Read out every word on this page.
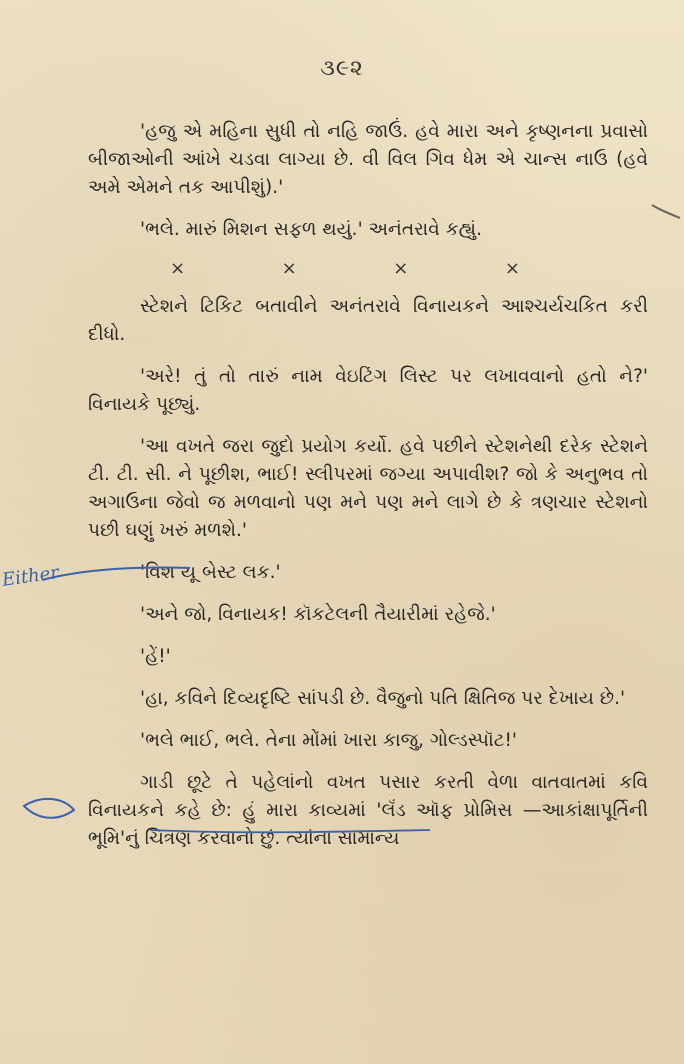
૩૯૨

'હજુ એ મહિના સુધી તો નહિ જાઉં. હવે મારા અને કૃષ્ણનના પ્રવાસો બીજાઓની આંખે ચડવા લાગ્યા છે. વી વિલ ગિવ ધેમ એ ચાન્સ નાઉ (હવે અમે એમને તક આપીશું).'

'ભલે. મારું મિશન સફળ થયું.' અનંતરાવે કહ્યું.

×	×	×	×

સ્ટેશને ટિકિટ બતાવીને અનંતરાવે વિનાયકને આશ્ચર્યચકિત કરી દીધો.

'અરે! તું તો તારું નામ વેઇટિંગ લિસ્ટ પર લખાવવાનો હતો ને?' વિનાયકે પૂછ્યું.

'આ વખતે જરા જુદો પ્રયોગ કર્યો. હવે પછીને સ્ટેશનેથી દરેક સ્ટેશને ટી. ટી. સી. ને પૂછીશ, ભાઈ! સ્લીપરમાં જગ્યા અપાવીશ? જો કે અનુભવ તો અગાઉના જેવો જ મળવાનો પણ મને પણ મને લાગે છે કે ત્રણચાર સ્ટેશનો પછી ઘણું ખરું મળશે.'

'વિશ યૂ બેસ્ટ લક.'

'અને જો, વિનાયક! કૉકટેલની તૈયારીમાં રહેજે.'

'હેં!'

'હા, કવિને દિવ્યદૃષ્ટિ સાંપડી છે. વૈજુનો પતિ ક્ષિતિજ પર દેખાય છે.'

'ભલે ભાઈ, ભલે. તેના મોંમાં ખારા કાજુ, ગોલ્ડસ્પૉટ!'

ગાડી છૂટે તે પહેલાંનો વખત પસાર કરતી વેળા વાતવાતમાં કવિ વિનાયકને કહે છે: હું મારા કાવ્યમાં 'લૅંડ ઑફ પ્રોમિસ —આકાંક્ષાપૂર્તિની ભૂમિ'નું ચિત્રણ કરવાનો છું. ત્યાંના સામાન્ય

Either
